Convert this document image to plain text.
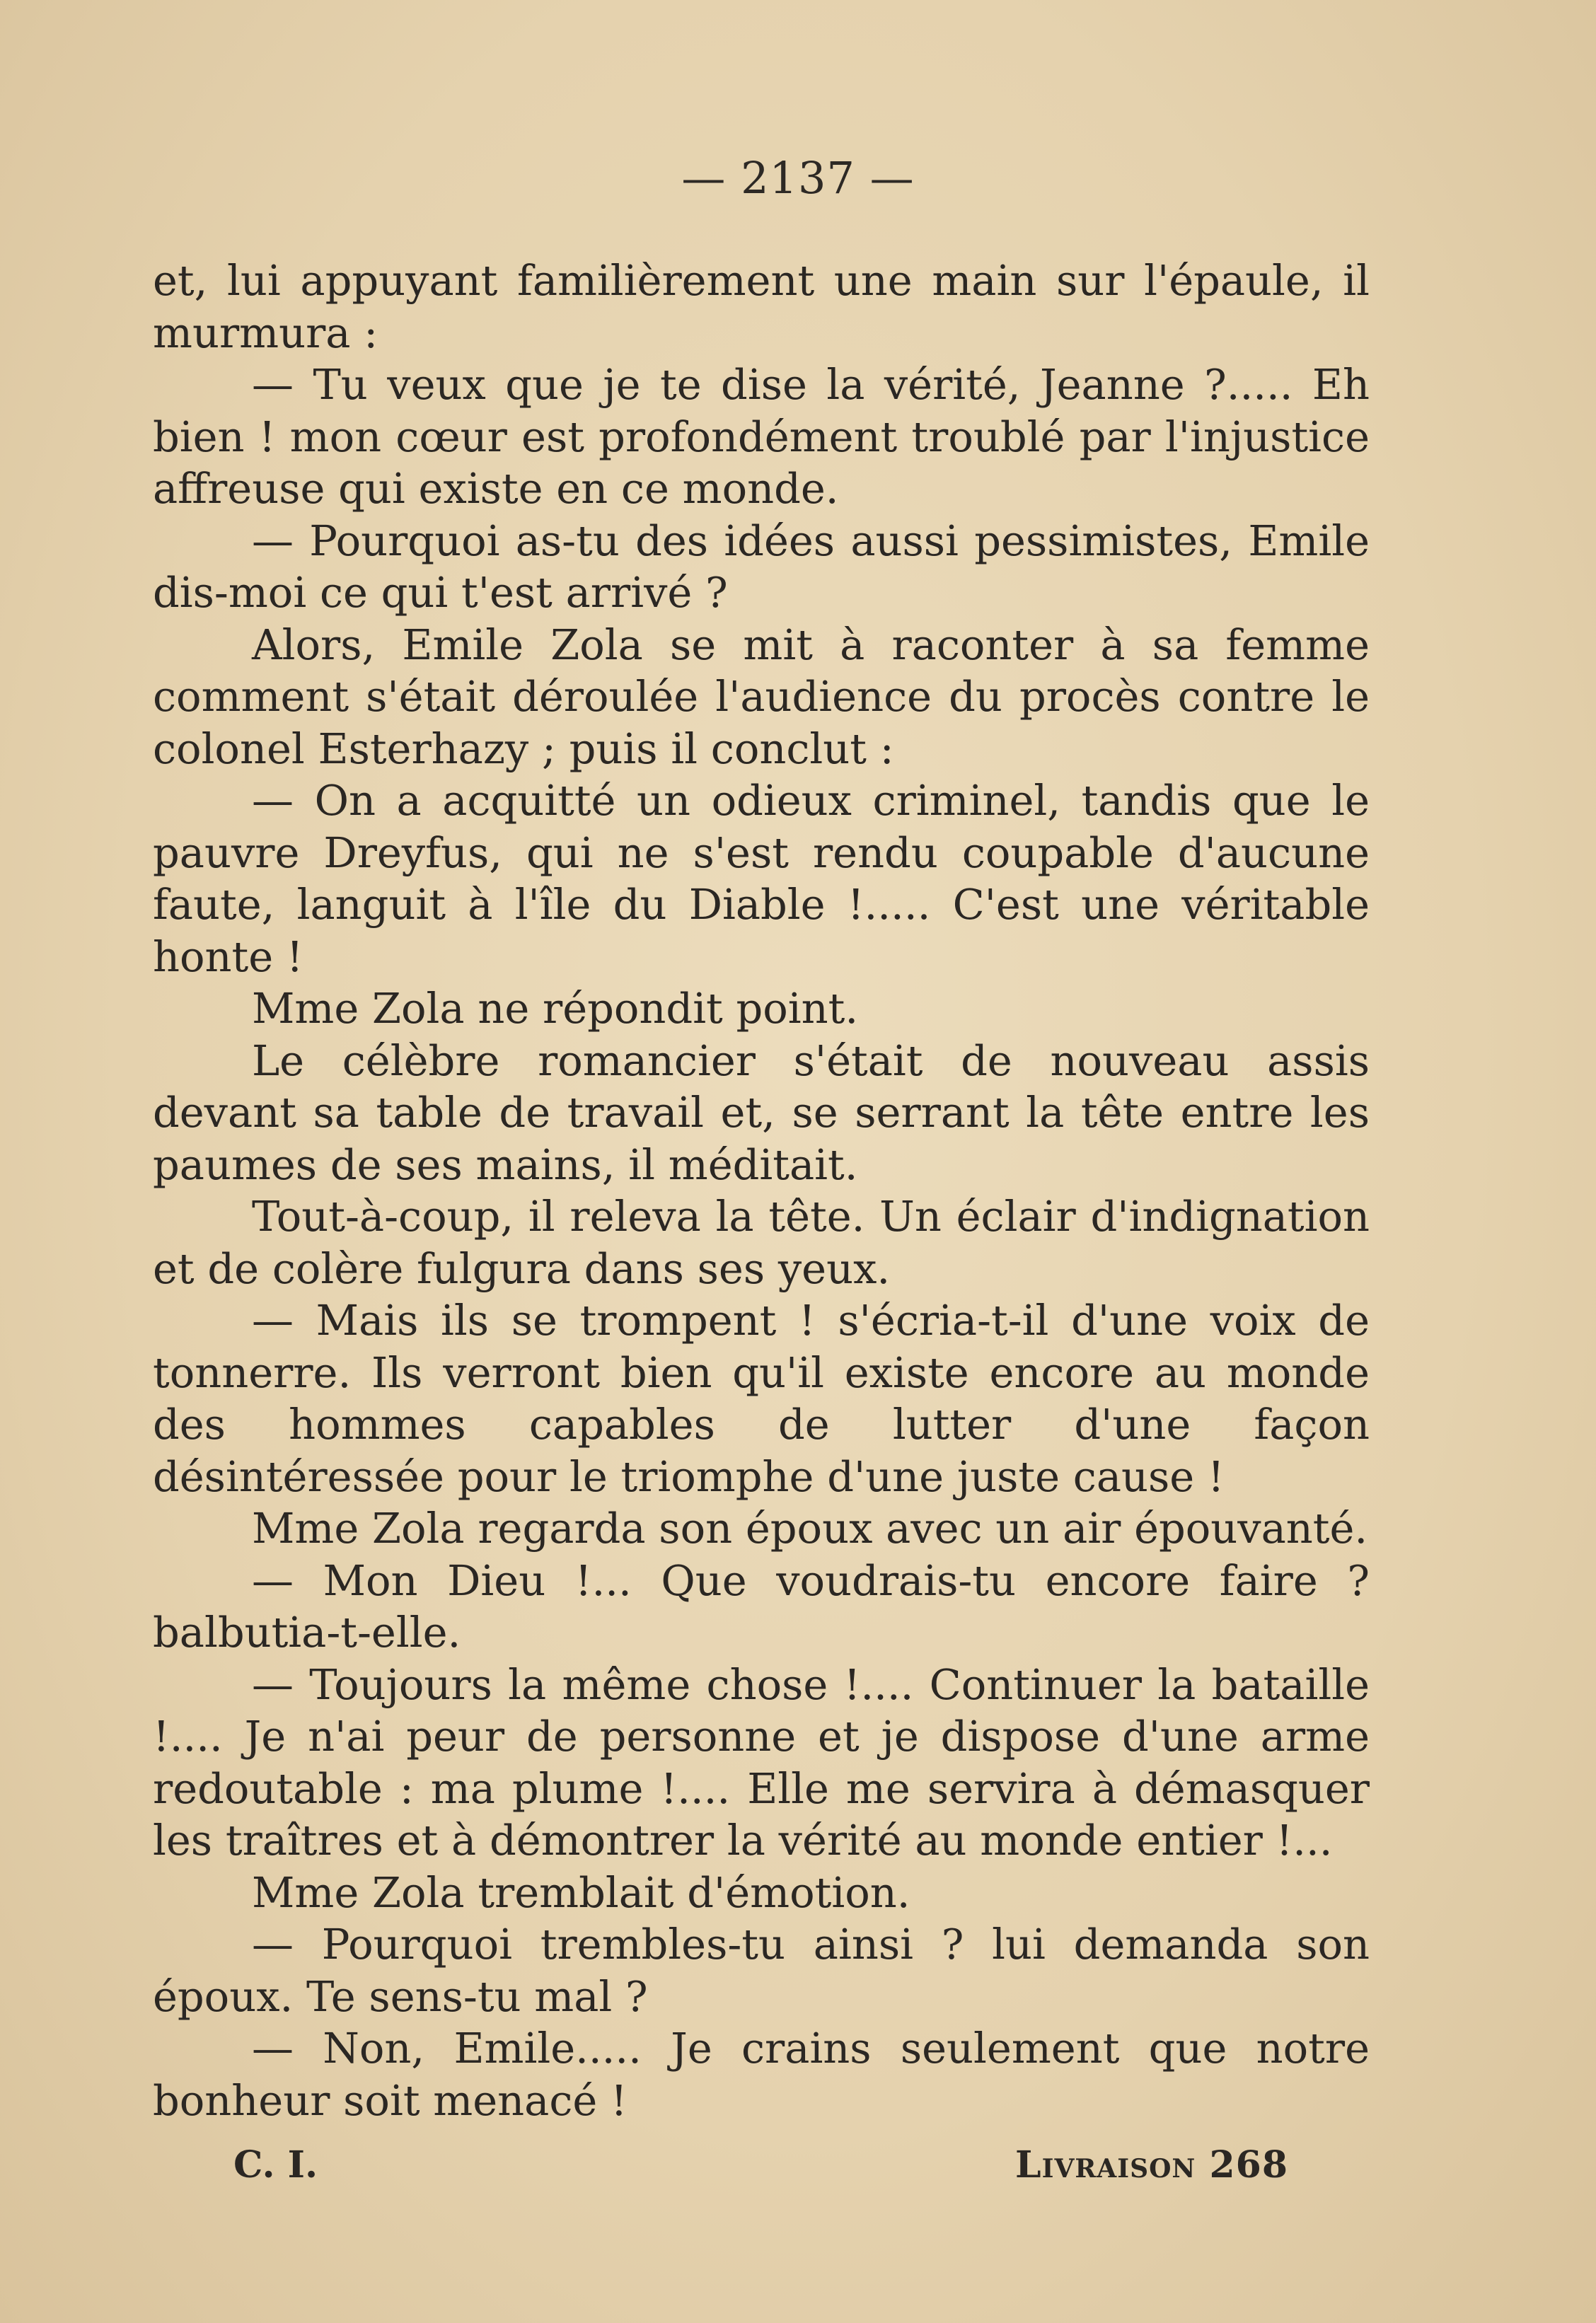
— 2137 —

et, lui appuyant familièrement une main sur l'épaule, il murmura :

— Tu veux que je te dise la vérité, Jeanne ?..... Eh bien ! mon cœur est profondément troublé par l'injustice affreuse qui existe en ce monde.

— Pourquoi as-tu des idées aussi pessimistes, Emile dis-moi ce qui t'est arrivé ?

Alors, Emile Zola se mit à raconter à sa femme comment s'était déroulée l'audience du procès contre le colonel Esterhazy ; puis il conclut :

— On a acquitté un odieux criminel, tandis que le pauvre Dreyfus, qui ne s'est rendu coupable d'aucune faute, languit à l'île du Diable !..... C'est une véritable honte !

Mme Zola ne répondit point.

Le célèbre romancier s'était de nouveau assis devant sa table de travail et, se serrant la tête entre les paumes de ses mains, il méditait.

Tout-à-coup, il releva la tête. Un éclair d'indignation et de colère fulgura dans ses yeux.

— Mais ils se trompent ! s'écria-t-il d'une voix de tonnerre. Ils verront bien qu'il existe encore au monde des hommes capables de lutter d'une façon désintéressée pour le triomphe d'une juste cause !

Mme Zola regarda son époux avec un air épouvanté.

— Mon Dieu !... Que voudrais-tu encore faire ? balbutia-t-elle.

— Toujours la même chose !.... Continuer la bataille !.... Je n'ai peur de personne et je dispose d'une arme redoutable : ma plume !.... Elle me servira à démasquer les traîtres et à démontrer la vérité au monde entier !...

Mme Zola tremblait d'émotion.

— Pourquoi trembles-tu ainsi ? lui demanda son époux. Te sens-tu mal ?

— Non, Emile..... Je crains seulement que notre bonheur soit menacé !

C. I.	Livraison 268
